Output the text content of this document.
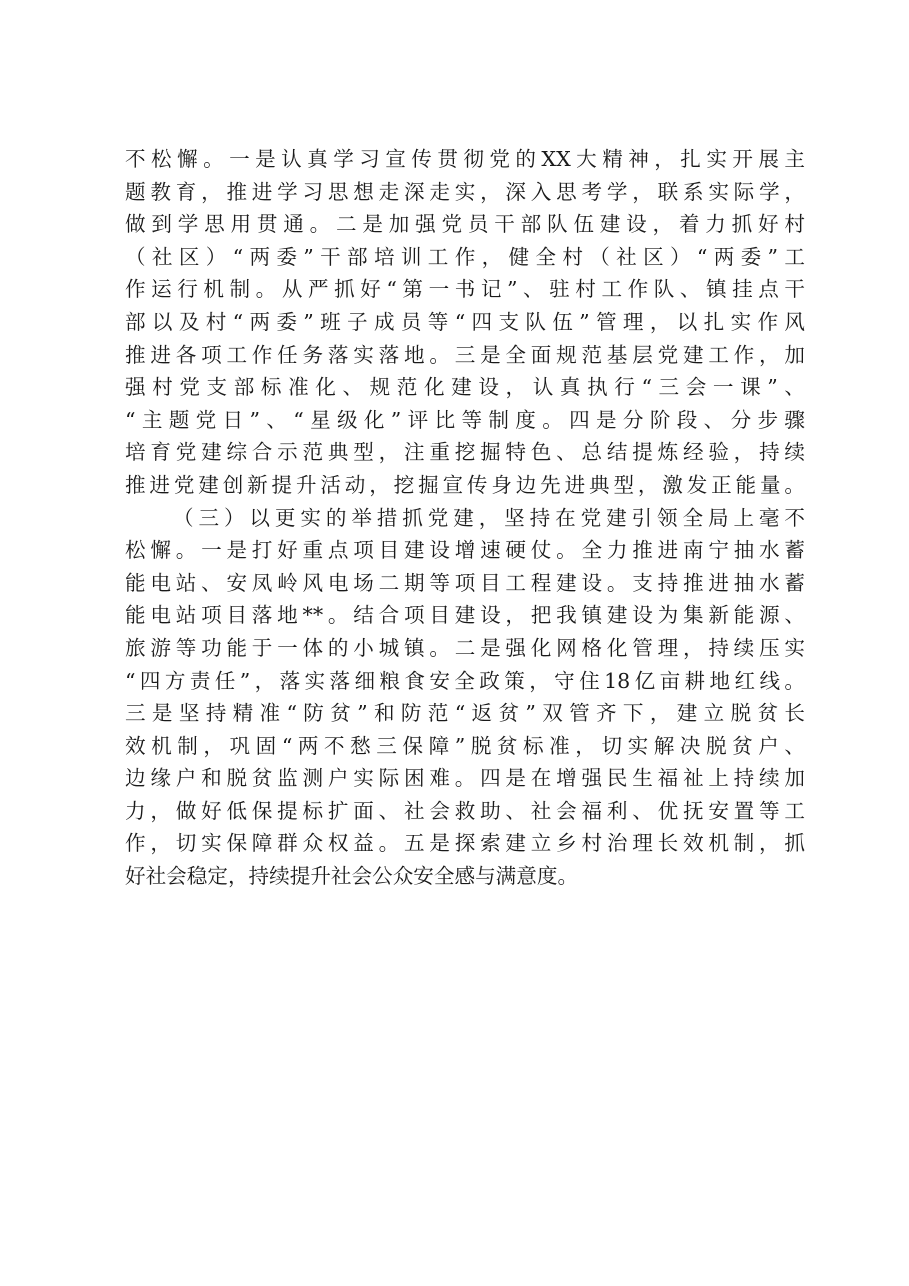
不松懈。一是认真学习宣传贯彻党的XX大精神，扎实开展主
题教育，推进学习思想走深走实，深入思考学，联系实际学，
做到学思用贯通。二是加强党员干部队伍建设，着力抓好村
（社区）“两委”干部培训工作，健全村（社区）“两委”工
作运行机制。从严抓好“第一书记”、驻村工作队、镇挂点干
部以及村“两委”班子成员等“四支队伍”管理，以扎实作风
推进各项工作任务落实落地。三是全面规范基层党建工作，加
强村党支部标准化、规范化建设，认真执行“三会一课”、
“主题党日”、“星级化”评比等制度。四是分阶段、分步骤
培育党建综合示范典型，注重挖掘特色、总结提炼经验，持续
推进党建创新提升活动，挖掘宣传身边先进典型，激发正能量。
（三）以更实的举措抓党建，坚持在党建引领全局上毫不
松懈。一是打好重点项目建设增速硬仗。全力推进南宁抽水蓄
能电站、安凤岭风电场二期等项目工程建设。支持推进抽水蓄
能电站项目落地**。结合项目建设，把我镇建设为集新能源、
旅游等功能于一体的小城镇。二是强化网格化管理，持续压实
“四方责任”，落实落细粮食安全政策，守住18亿亩耕地红线。
三是坚持精准“防贫”和防范“返贫”双管齐下，建立脱贫长
效机制，巩固“两不愁三保障”脱贫标准，切实解决脱贫户、
边缘户和脱贫监测户实际困难。四是在增强民生福祉上持续加
力，做好低保提标扩面、社会救助、社会福利、优抚安置等工
作，切实保障群众权益。五是探索建立乡村治理长效机制，抓
好社会稳定，持续提升社会公众安全感与满意度。
